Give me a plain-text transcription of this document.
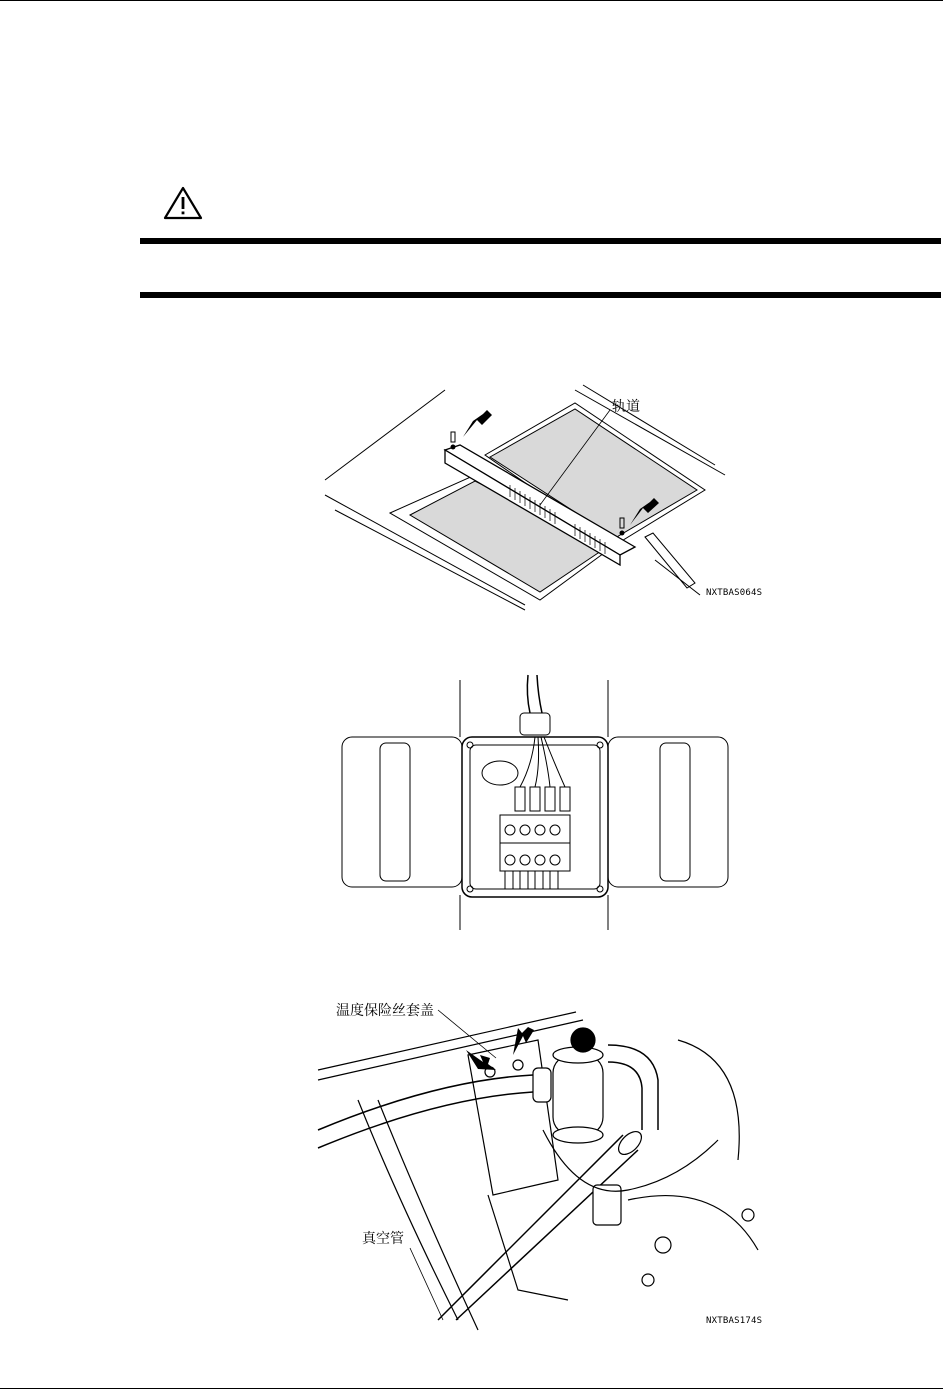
轨道
NXTBAS064S
温度保险丝套盖
真空管
NXTBAS174S
